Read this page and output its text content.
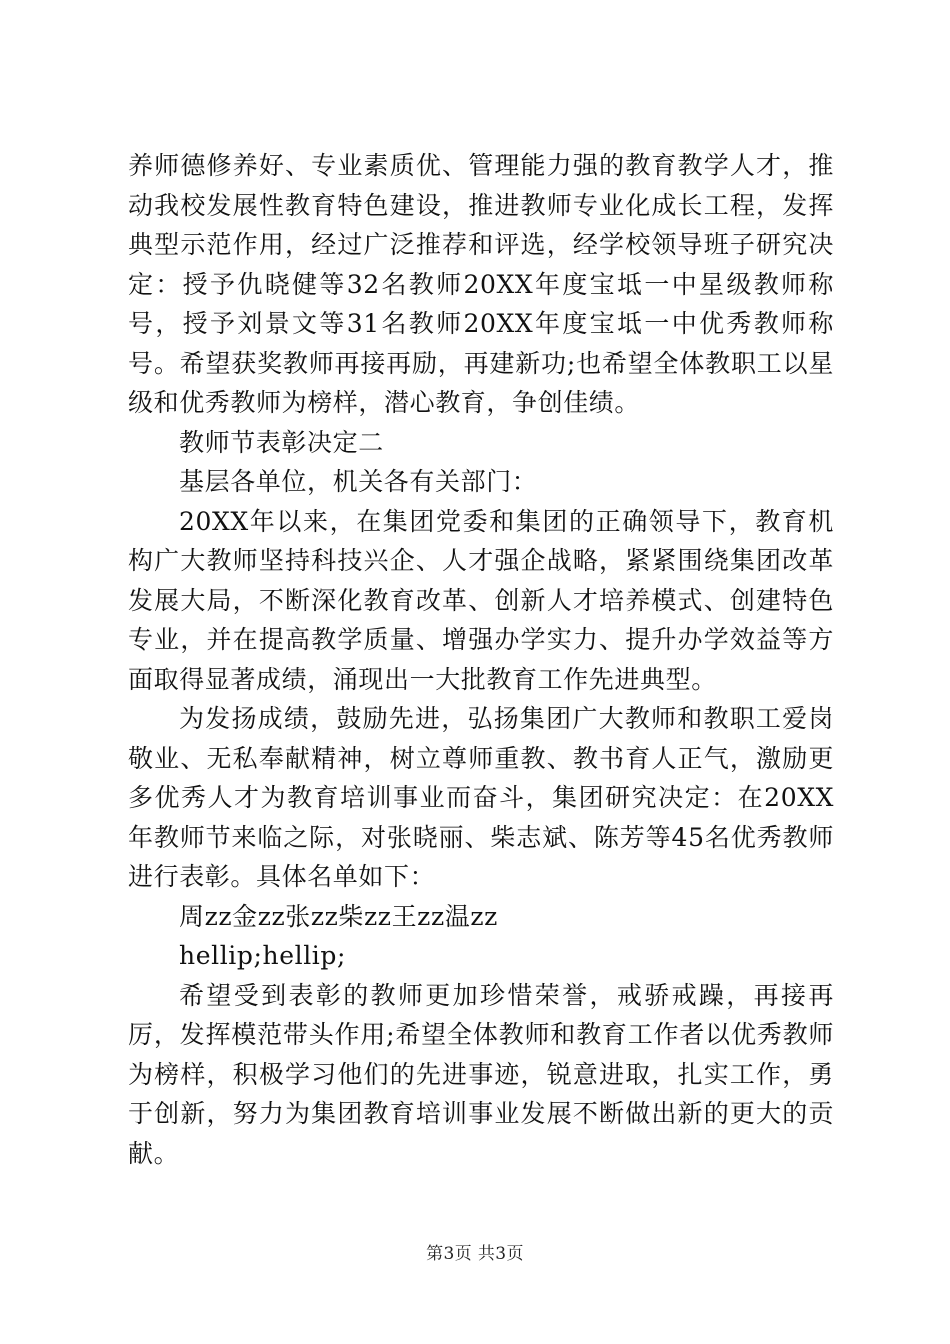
养师德修养好、专业素质优、管理能力强的教育教学人才，推动我校发展性教育特色建设，推进教师专业化成长工程，发挥典型示范作用，经过广泛推荐和评选，经学校领导班子研究决定：授予仇晓健等32名教师20XX年度宝坻一中星级教师称号，授予刘景文等31名教师20XX年度宝坻一中优秀教师称号。希望获奖教师再接再励，再建新功;也希望全体教职工以星级和优秀教师为榜样，潜心教育，争创佳绩。

教师节表彰决定二

基层各单位，机关各有关部门：

20XX年以来，在集团党委和集团的正确领导下，教育机构广大教师坚持科技兴企、人才强企战略，紧紧围绕集团改革发展大局，不断深化教育改革、创新人才培养模式、创建特色专业，并在提高教学质量、增强办学实力、提升办学效益等方面取得显著成绩，涌现出一大批教育工作先进典型。

为发扬成绩，鼓励先进，弘扬集团广大教师和教职工爱岗敬业、无私奉献精神，树立尊师重教、教书育人正气，激励更多优秀人才为教育培训事业而奋斗，集团研究决定：在20XX年教师节来临之际，对张晓丽、柴志斌、陈芳等45名优秀教师进行表彰。具体名单如下：

周zz金zz张zz柴zz王zz温zz

hellip;hellip;

希望受到表彰的教师更加珍惜荣誉，戒骄戒躁，再接再厉，发挥模范带头作用;希望全体教师和教育工作者以优秀教师为榜样，积极学习他们的先进事迹，锐意进取，扎实工作，勇于创新，努力为集团教育培训事业发展不断做出新的更大的贡献。

第3页 共3页
